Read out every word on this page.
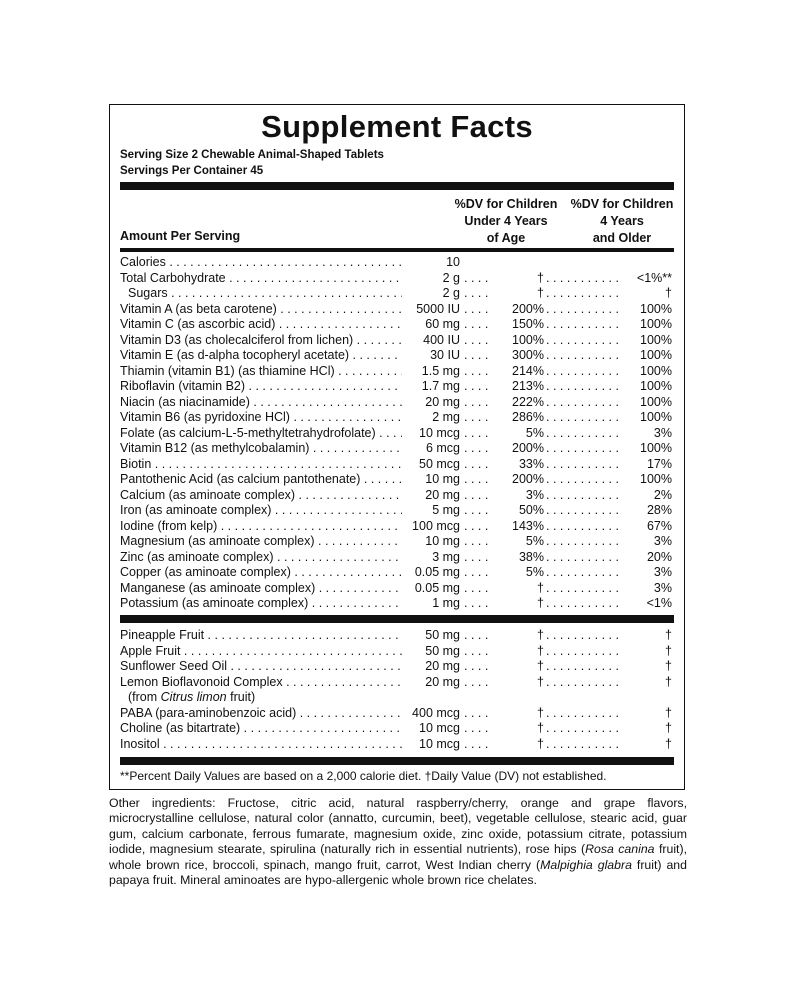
Supplement Facts
Serving Size 2 Chewable Animal-Shaped Tablets
Servings Per Container 45
%DV for Children
Under 4 Years
of Age
%DV for Children
4 Years
and Older
Amount Per Serving
Calories . . .	10
Total Carbohydrate . . .	2 g . . .	† . . .	<1%**
Sugars . . .	2 g . . .	† . . .	†
Vitamin A (as beta carotene) . . .	5000 IU . . .	200% . . .	100%
Vitamin C (as ascorbic acid) . . .	60 mg . . .	150% . . .	100%
Vitamin D3 (as cholecalciferol from lichen) . . .	400 IU . . .	100% . . .	100%
Vitamin E (as d-alpha tocopheryl acetate) . . .	30 IU . . .	300% . . .	100%
Thiamin (vitamin B1) (as thiamine HCl) . . .	1.5 mg . . .	214% . . .	100%
Riboflavin (vitamin B2) . . .	1.7 mg . . .	213% . . .	100%
Niacin (as niacinamide) . . .	20 mg . . .	222% . . .	100%
Vitamin B6 (as pyridoxine HCl) . . .	2 mg . . .	286% . . .	100%
Folate (as calcium-L-5-methyltetrahydrofolate) . . .	10 mcg . . .	5% . . .	3%
Vitamin B12 (as methylcobalamin) . . .	6 mcg . . .	200% . . .	100%
Biotin . . .	50 mcg . . .	33% . . .	17%
Pantothenic Acid (as calcium pantothenate) . . .	10 mg . . .	200% . . .	100%
Calcium (as aminoate complex) . . .	20 mg . . .	3% . . .	2%
Iron (as aminoate complex) . . .	5 mg . . .	50% . . .	28%
Iodine (from kelp) . . .	100 mcg . . .	143% . . .	67%
Magnesium (as aminoate complex) . . .	10 mg . . .	5% . . .	3%
Zinc (as aminoate complex) . . .	3 mg . . .	38% . . .	20%
Copper (as aminoate complex) . . .	0.05 mg . . .	5% . . .	3%
Manganese (as aminoate complex) . . .	0.05 mg . . .	† . . .	3%
Potassium (as aminoate complex) . . .	1 mg . . .	† . . .	<1%
Pineapple Fruit . . .	50 mg . . .	† . . .	†
Apple Fruit . . .	50 mg . . .	† . . .	†
Sunflower Seed Oil . . .	20 mg . . .	† . . .	†
Lemon Bioflavonoid Complex . . .	20 mg . . .	† . . .	†
(from Citrus limon fruit)
PABA (para-aminobenzoic acid) . . .	400 mcg . . .	† . . .	†
Choline (as bitartrate) . . .	10 mcg . . .	† . . .	†
Inositol . . .	10 mcg . . .	† . . .	†
**Percent Daily Values are based on a 2,000 calorie diet. †Daily Value (DV) not established.
Other ingredients: Fructose, citric acid, natural raspberry/cherry, orange and grape flavors, microcrystalline cellulose, natural color (annatto, curcumin, beet), vegetable cellulose, stearic acid, guar gum, calcium carbonate, ferrous fumarate, magnesium oxide, zinc oxide, potassium citrate, potassium iodide, magnesium stearate, spirulina (naturally rich in essential nutrients), rose hips (Rosa canina fruit), whole brown rice, broccoli, spinach, mango fruit, carrot, West Indian cherry (Malpighia glabra fruit) and papaya fruit. Mineral aminoates are hypo-allergenic whole brown rice chelates.
